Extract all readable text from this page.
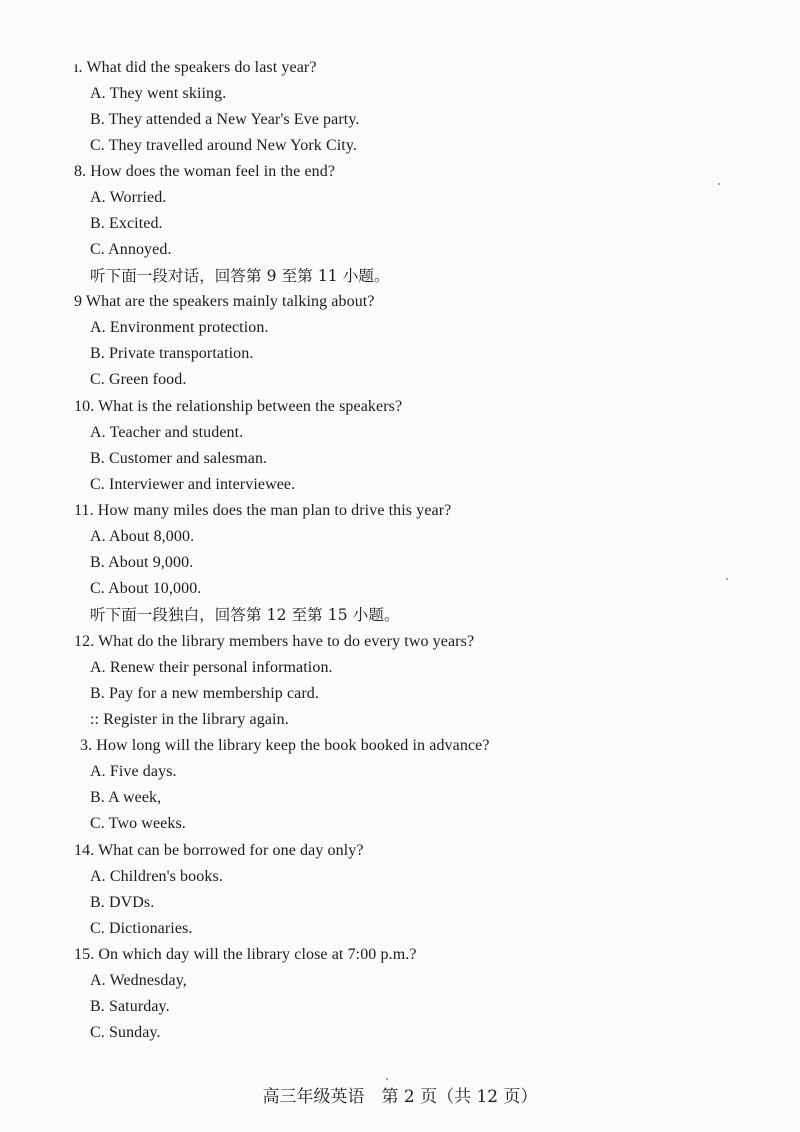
ı. What did the speakers do last year?
A. They went skiing.
B. They attended a New Year's Eve party.
C. They travelled around New York City.
8. How does the woman feel in the end?
A. Worried.
B. Excited.
C. Annoyed.
听下面一段对话，回答第 9 至第 11 小题。
9 What are the speakers mainly talking about?
A. Environment protection.
B. Private transportation.
C. Green food.
10. What is the relationship between the speakers?
A. Teacher and student.
B. Customer and salesman.
C. Interviewer and interviewee.
11. How many miles does the man plan to drive this year?
A. About 8,000.
B. About 9,000.
C. About 10,000.
听下面一段独白，回答第 12 至第 15 小题。
12. What do the library members have to do every two years?
A. Renew their personal information.
B. Pay for a new membership card.
:: Register in the library again.
3. How long will the library keep the book booked in advance?
A. Five days.
B. A week,
C. Two weeks.
14. What can be borrowed for one day only?
A. Children's books.
B. DVDs.
C. Dictionaries.
15. On which day will the library close at 7:00 p.m.?
A. Wednesday,
B. Saturday.
C. Sunday.
高三年级英语　第 2 页（共 12 页）
